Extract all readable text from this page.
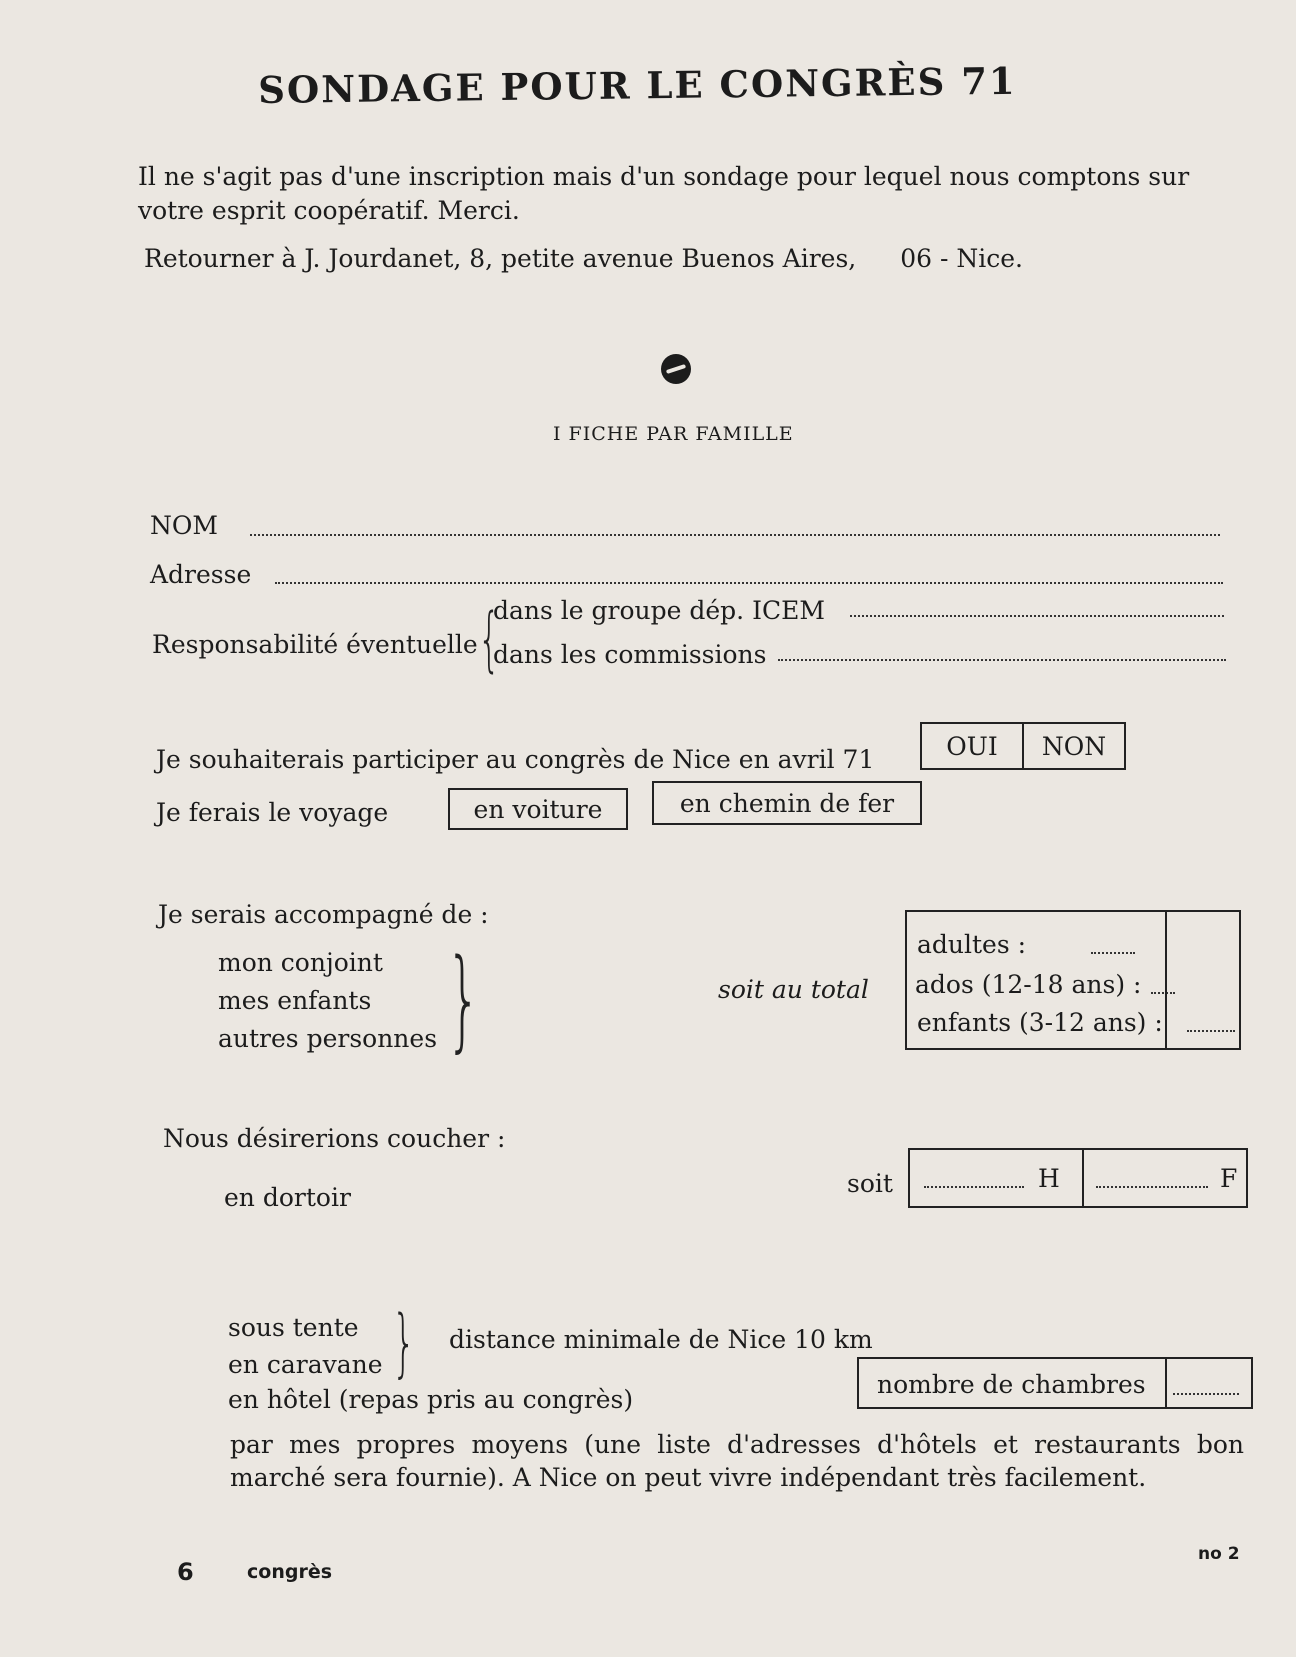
SONDAGE POUR LE CONGRÈS 71
Il ne s'agit pas d'une inscription mais d'un sondage pour lequel nous comptons sur votre esprit coopératif. Merci.
Retourner à J. Jourdanet, 8, petite avenue Buenos Aires, 06 - Nice.
I FICHE PAR FAMILLE
NOM
Adresse
Responsabilité éventuelle {
dans le groupe dép. ICEM
dans les commissions
Je souhaiterais participer au congrès de Nice en avril 71	OUI	NON
Je ferais le voyage	en voiture	en chemin de fer
Je serais accompagné de :
mon conjoint
mes enfants
autres personnes }	soit au total
adultes :
ados (12-18 ans) :
enfants (3-12 ans) :
Nous désirerions coucher :
en dortoir	soit	H	F
sous tente
en caravane } distance minimale de Nice 10 km
en hôtel (repas pris au congrès)
nombre de chambres
par mes propres moyens (une liste d'adresses d'hôtels et restaurants bon marché sera fournie). A Nice on peut vivre indépendant très facilement.
6	congrès
no 2
